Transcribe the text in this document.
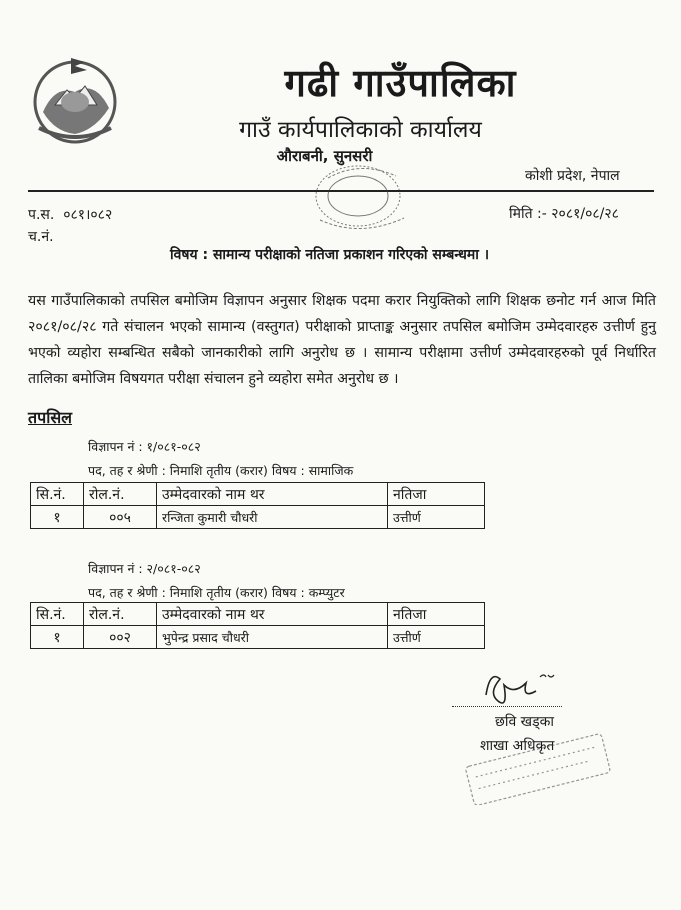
गढी गाउँपालिका
गाउँ कार्यपालिकाको कार्यालय
औराबनी, सुनसरी
कोशी प्रदेश, नेपाल
प.स. ०८१।०८२
च.नं.
मिति :- २०८१/०८/२८
विषय : सामान्य परीक्षाको नतिजा प्रकाशन गरिएको सम्बन्धमा ।
यस गाउँपालिकाको तपसिल बमोजिम विज्ञापन अनुसार शिक्षक पदमा करार नियुक्तिको लागि शिक्षक छनोट गर्न आज मिति २०८१/०८/२८ गते संचालन भएको सामान्य (वस्तुगत) परीक्षाको प्राप्ताङ्क अनुसार तपसिल बमोजिम उम्मेदवारहरु उत्तीर्ण हुनु भएको व्यहोरा सम्बन्धित सबैको जानकारीको लागि अनुरोध छ । सामान्य परीक्षामा उत्तीर्ण उम्मेदवारहरुको पूर्व निर्धारित तालिका बमोजिम विषयगत परीक्षा संचालन हुने व्यहोरा समेत अनुरोध छ ।
तपसिल
विज्ञापन नं : १/०८१-०८२
पद, तह र श्रेणी : निमाशि तृतीय (करार) विषय : सामाजिक
सि.नं.	रोल.नं.	उम्मेदवारको नाम थर	नतिजा
१	००५	रन्जिता कुमारी चौधरी	उत्तीर्ण
विज्ञापन नं : २/०८१-०८२
पद, तह र श्रेणी : निमाशि तृतीय (करार) विषय : कम्प्युटर
सि.नं.	रोल.नं.	उम्मेदवारको नाम थर	नतिजा
१	००२	भुपेन्द्र प्रसाद चौधरी	उत्तीर्ण
छवि खड्का
शाखा अधिकृत
